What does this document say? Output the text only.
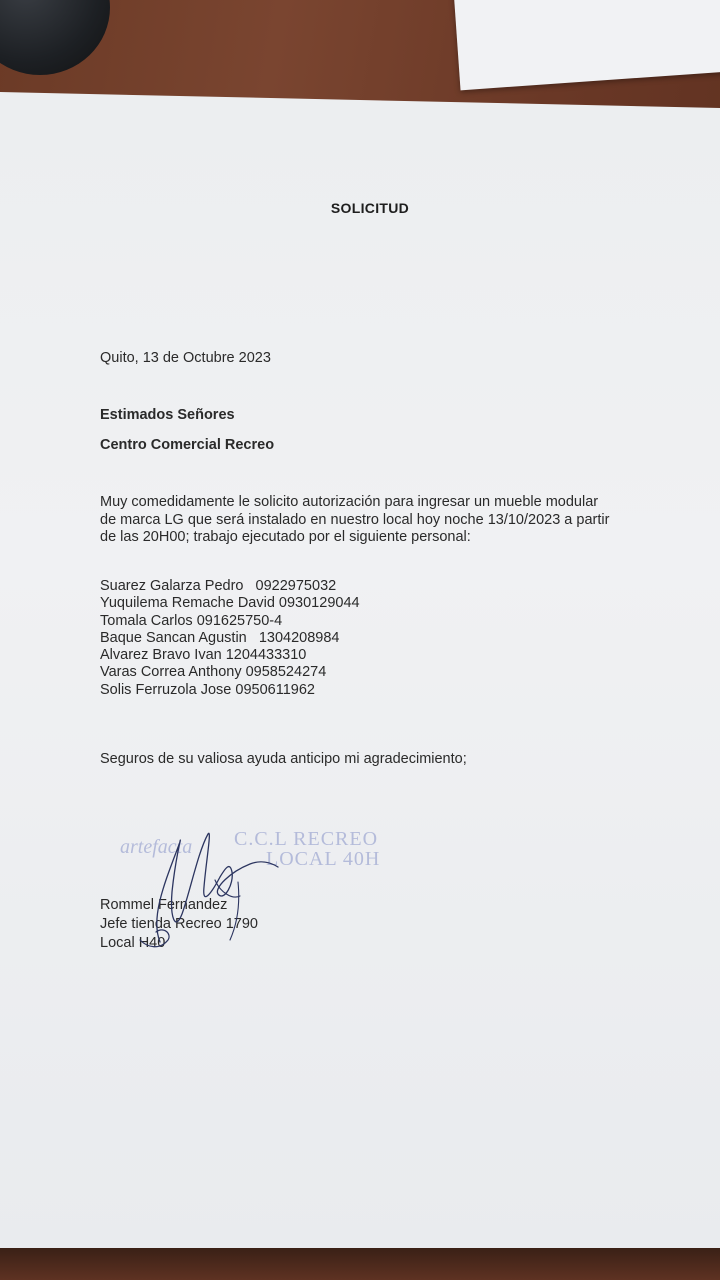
SOLICITUD
Quito, 13 de Octubre 2023
Estimados Señores
Centro Comercial Recreo
Muy comedidamente le solicito autorización para ingresar un mueble modular
de marca LG que será instalado en nuestro local hoy noche 13/10/2023 a partir
de las 20H00; trabajo ejecutado por el siguiente personal:
Suarez Galarza Pedro   0922975032
Yuquilema Remache David 0930129044
Tomala Carlos 091625750-4
Baque Sancan Agustin   1304208984
Alvarez Bravo Ivan 1204433310
Varas Correa Anthony 0958524274
Solis Ferruzola Jose 0950611962
Seguros de su valiosa ayuda anticipo mi agradecimiento;
artefacta C.C.L RECREO
LOCAL 40H
Rommel Fernandez
Jefe tienda Recreo 1790
Local H40
